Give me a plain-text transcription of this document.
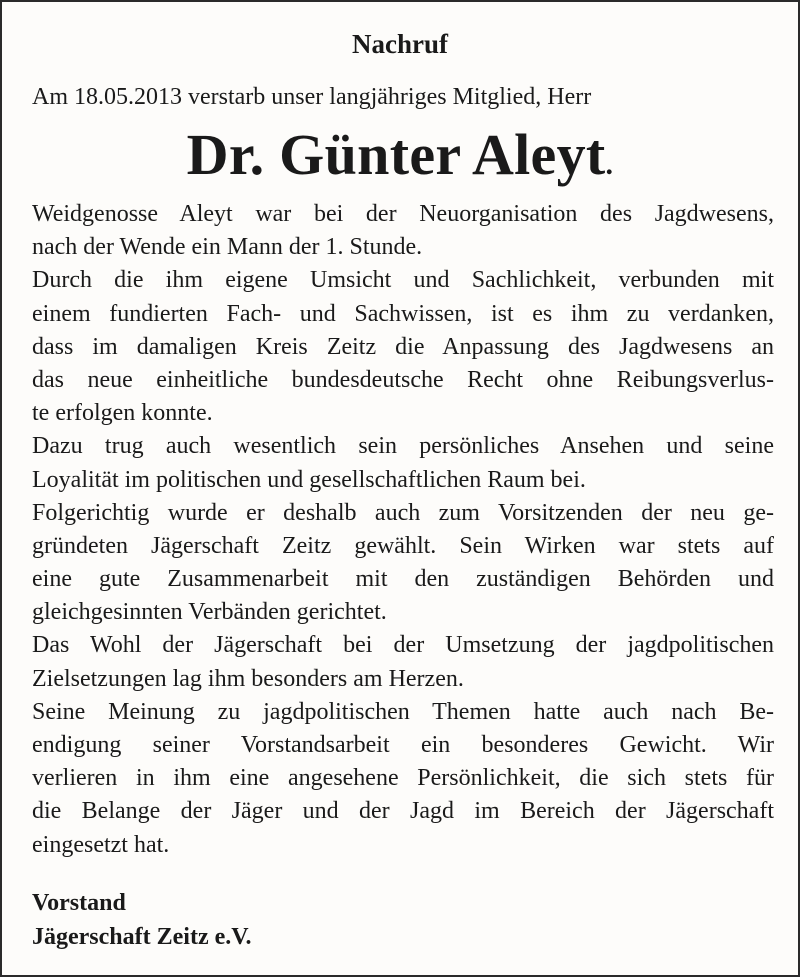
Nachruf
Am 18.05.2013 verstarb unser langjähriges Mitglied, Herr
Dr. Günter Aleyt.
Weidgenosse Aleyt war bei der Neuorganisation des Jagdwesens,
nach der Wende ein Mann der 1. Stunde.
Durch die ihm eigene Umsicht und Sachlichkeit, verbunden mit
einem fundierten Fach- und Sachwissen, ist es ihm zu verdanken,
dass im damaligen Kreis Zeitz die Anpassung des Jagdwesens an
das neue einheitliche bundesdeutsche Recht ohne Reibungsverlus-
te erfolgen konnte.
Dazu trug auch wesentlich sein persönliches Ansehen und seine
Loyalität im politischen und gesellschaftlichen Raum bei.
Folgerichtig wurde er deshalb auch zum Vorsitzenden der neu ge-
gründeten Jägerschaft Zeitz gewählt. Sein Wirken war stets auf
eine gute Zusammenarbeit mit den zuständigen Behörden und
gleichgesinnten Verbänden gerichtet.
Das Wohl der Jägerschaft bei der Umsetzung der jagdpolitischen
Zielsetzungen lag ihm besonders am Herzen.
Seine Meinung zu jagdpolitischen Themen hatte auch nach Be-
endigung seiner Vorstandsarbeit ein besonderes Gewicht. Wir
verlieren in ihm eine angesehene Persönlichkeit, die sich stets für
die Belange der Jäger und der Jagd im Bereich der Jägerschaft
eingesetzt hat.
Vorstand
Jägerschaft Zeitz e.V.
